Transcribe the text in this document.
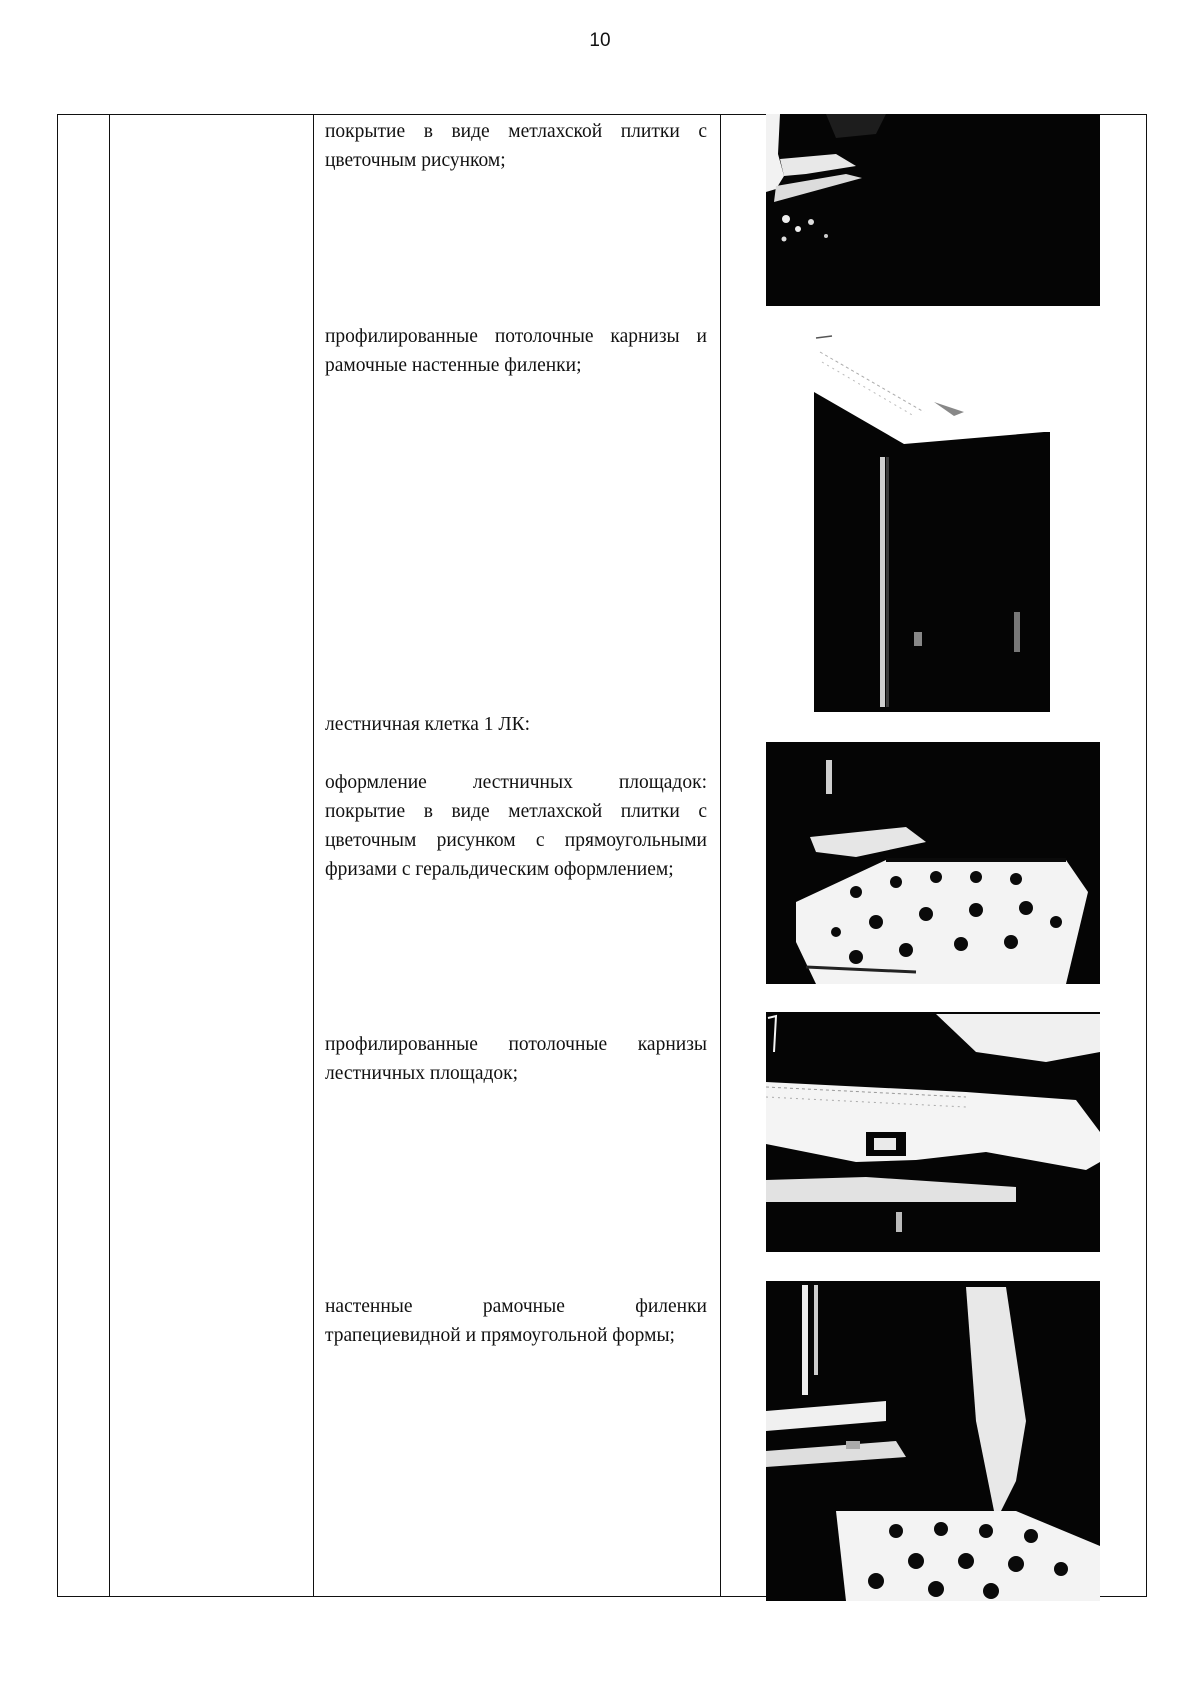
10
покрытие в виде метлахской плитки с цветочным рисунком;
профилированные потолочные карнизы и рамочные настенные филенки;
лестничная клетка 1 ЛК:
оформление лестничных площадок: покрытие в виде метлахской плитки с цветочным рисунком с прямоугольными фризами с геральдическим оформлением;
профилированные потолочные карнизы лестничных площадок;
настенные рамочные филенки трапециевидной и прямоугольной формы;
